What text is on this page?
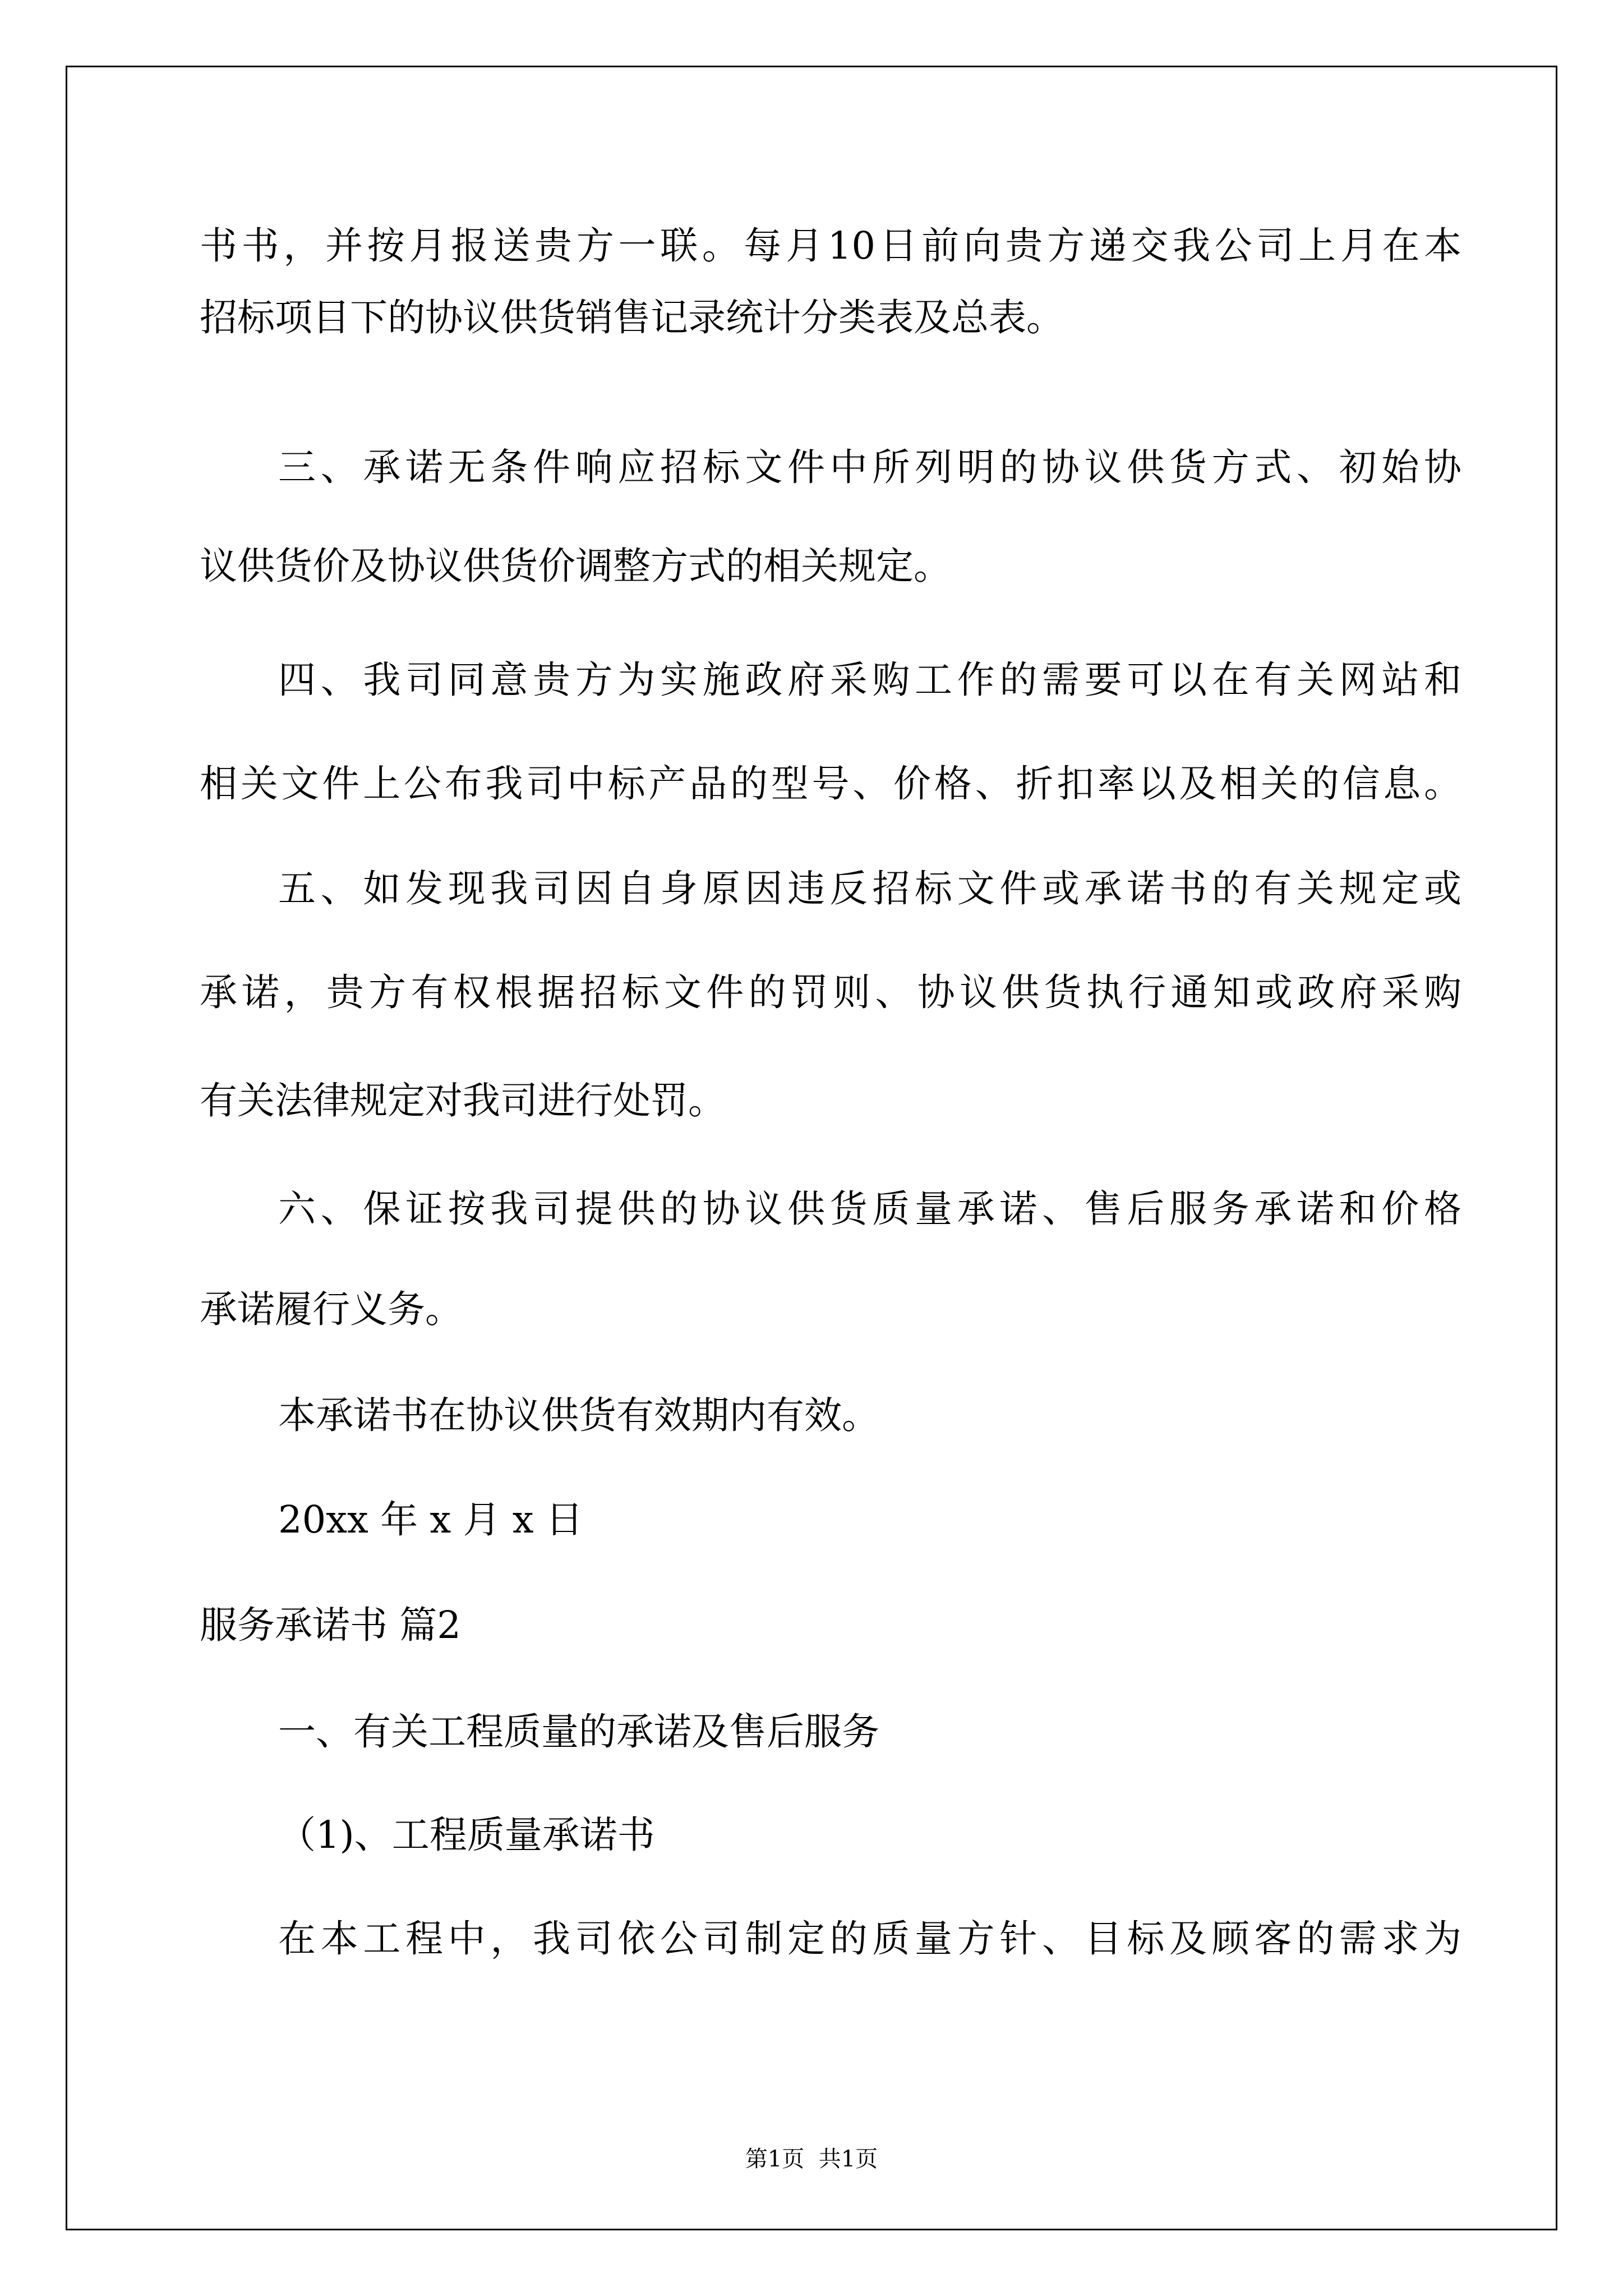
书书，并按月报送贵方一联。每月10日前向贵方递交我公司上月在本

招标项目下的协议供货销售记录统计分类表及总表。

三、承诺无条件响应招标文件中所列明的协议供货方式、初始协

议供货价及协议供货价调整方式的相关规定。

四、我司同意贵方为实施政府采购工作的需要可以在有关网站和

相关文件上公布我司中标产品的型号、价格、折扣率以及相关的信息。

五、如发现我司因自身原因违反招标文件或承诺书的有关规定或

承诺，贵方有权根据招标文件的罚则、协议供货执行通知或政府采购

有关法律规定对我司进行处罚。

六、保证按我司提供的协议供货质量承诺、售后服务承诺和价格

承诺履行义务。

本承诺书在协议供货有效期内有效。

20xx 年 x 月 x 日

服务承诺书 篇2

一、有关工程质量的承诺及售后服务

（1)、工程质量承诺书

在本工程中，我司依公司制定的质量方针、目标及顾客的需求为

第1页  共1页
